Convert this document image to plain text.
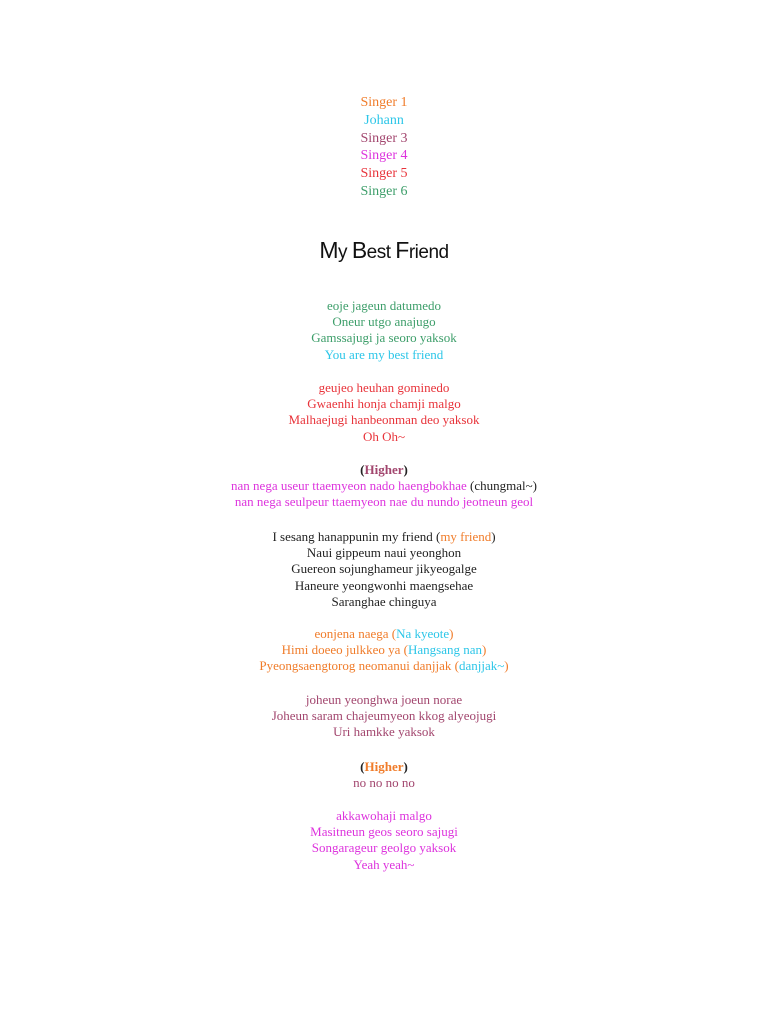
Singer 1
Johann
Singer 3
Singer 4
Singer 5
Singer 6
My Best Friend
eoje jageun datumedo
Oneur utgo anajugo
Gamssajugi ja seoro yaksok
You are my best friend
geujeo heuhan gominedo
Gwaenhi honja chamji malgo
Malhaejugi hanbeonman deo yaksok
Oh Oh~
(Higher)
nan nega useur ttaemyeon nado haengbokhae (chungmal~)
nan nega seulpeur ttaemyeon nae du nundo jeotneun geol
I sesang hanappunin my friend (my friend)
Naui gippeum naui yeonghon
Guereon sojunghameur jikyeogalge
Haneure yeongwonhi maengsehae
Saranghae chinguya
eonjena naega (Na kyeote)
Himi doeeo julkkeo ya (Hangsang nan)
Pyeongsaengtorog neomanui danjjak (danjjak~)
joheun yeonghwa joeun norae
Joheun saram chajeumyeon kkog alyeojugi
Uri hamkke yaksok
(Higher)
no no no no
akkawohaji malgo
Masitneun geos seoro sajugi
Songarageur geolgo yaksok
Yeah yeah~
